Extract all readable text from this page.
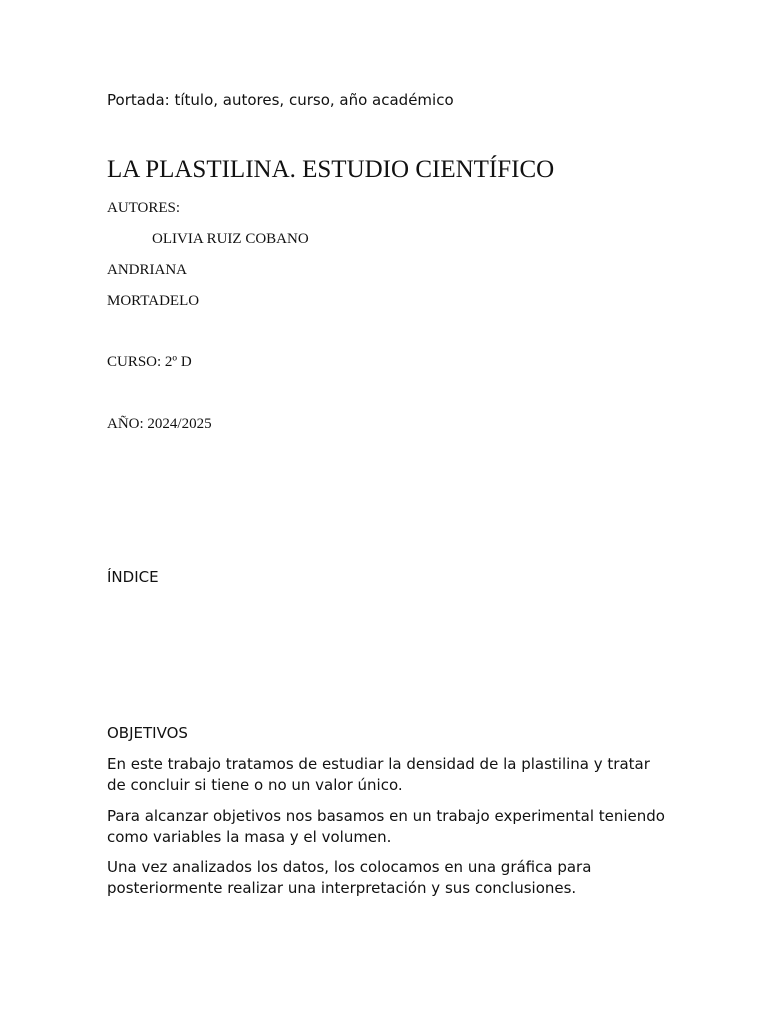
Portada: título, autores, curso, año académico

LA PLASTILINA. ESTUDIO CIENTÍFICO

AUTORES:

OLIVIA RUIZ COBANO

ANDRIANA

MORTADELO

CURSO: 2º D

AÑO: 2024/2025

ÍNDICE
OBJETIVOS

En este trabajo tratamos de estudiar la densidad de la plastilina y tratar de concluir si tiene o no un valor único.

Para alcanzar objetivos nos basamos en un trabajo experimental teniendo como variables la masa y el volumen.

Una vez analizados los datos, los colocamos en una gráfica para posteriormente realizar una interpretación y sus conclusiones.
